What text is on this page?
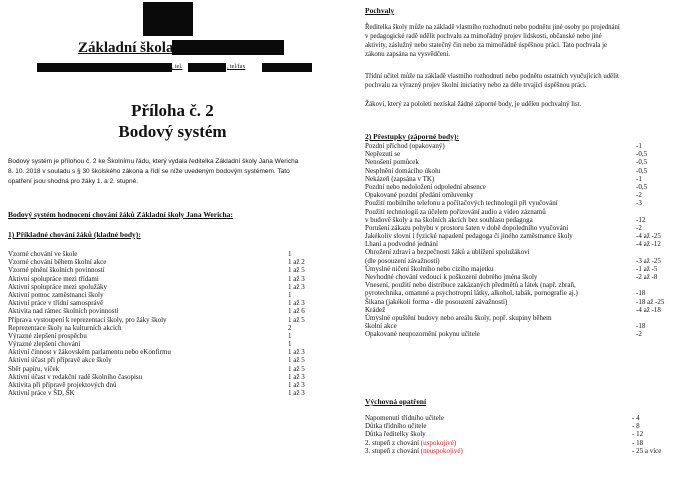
Základní škola
, tel.	, tel/fax
Příloha č. 2
Bodový systém
Bodový systém je přílohou č. 2 ke Školnímu řádu, který vydala ředitelka Základní školy Jana Wericha
8. 10. 2018 v souladu s § 30 školského zákona a řídí se níže uvedeným bodovým systémem. Tato
opatření jsou shodná pro žáky 1. a 2. stupně.
Bodový systém hodnocení chování žáků Základní školy Jana Wericha:
1) Příkladné chování žáků (kladné body):
Vzorné chování ve škole
Vzorné chování během školní akce
Vzorné plnění školních povinností
Aktivní spolupráce mezi třídami
Aktivní spolupráce mezi spolužáky
Aktivní pomoc zaměstnanci školy
Aktivní práce v třídní samosprávě
Aktivita nad rámec školních povinností
Příprava vystoupení k reprezentaci školy, pro žáky školy
Reprezentace školy na kulturních akcích
Výrazné zlepšení prospěchu
Výrazné zlepšení chování
Aktivní činnost v žákovském parlamentu nebo eKonfirmu
Aktivní účast při přípravě akce školy
Sběr papíru, víček
Aktivní účast v redakční radě školního časopisu
Aktivita při přípravě projektových dnů
Aktivní práce v ŠD, ŠK
1
1 až 2
1 až 5
1 až 3
1 až 3
1
1 až 3
1 až 6
1 až 5
2
1
1
1 až 3
1 až 5
1 až 5
1 až 3
1 až 3
1 až 3
Pochvaly
Ředitelka školy může na základě vlastního rozhodnutí nebo podnětu jiné osoby po projednání
v pedagogické radě udělit pochvalu za mimořádný projev lidskosti, občanské nebo jiné
aktivity, záslužný nebo statečný čin nebo za mimořádně úspěšnou práci. Tato pochvala je
zákonu zapsána na vysvědčení.
Třídní učitel může na základě vlastního rozhodnutí nebo podnětu ostatních vyučujících udělit
pochvalu za výrazný projev školní iniciativy nebo za déle trvající úspěšnou práci.
Žákovi, který za pololetí nezískal žádné záporné body, je udělen pochvalný list.
2) Přestupky (záporné body):
Pozdní příchod (opakovaný)
Nepřezutí se
Nenošení pomůcek
Nesplnění domácího úkolu
Nekázeň (zapsána v TK)
Pozdní nebo nedoložení odpolední absence
Opakované pozdní předání omluvenky
Použití mobilního telefonu a počítačových technologií při vyučování
Použití technologií za účelem pořizování audio a video záznamů
v budově školy a na školních akcích bez souhlasu pedagoga
Porušení zákazu pohybu v prostoru šaten v době dopoledního vyučování
Jakékoliv slovní i fyzické napadení pedagoga či jiného zaměstnance školy
Lhaní a podvodné jednání
Ohrožení zdraví a bezpečnosti žáků a ublížení spolužákovi
(dle posouzení závažnosti)
Úmyslné ničení školního nebo cizího majetku
Nevhodné chování vedoucí k poškození dobrého jména školy
Vnesení, použití nebo distribuce zakázaných předmětů a látek (např. zbraň,
pyrotechnika, omamné a psychotropní látky, alkohol, tabák, pornografie aj.)
Šikana (jakékoli forma - dle posouzení závažnosti)
Krádež
Úmyslné opuštění budovy nebo areálu školy, popř. skupiny během
školní akce
Opakované neupozornění pokynu učitele
-1
-0,5
-0,5
-0,5
-1
-0,5
-2
-3
-12
-2
-4 až -25
-4 až -12
-3 až -25
-1 až -5
-2 až -8
-18
-18 až -25
-4 až -18
-18
-2
Výchovná opatření
Napomenutí třídního učitele
Důtka třídního učitele
Důtka ředitelky školy
2. stupeň z chování (uspokojivé)
3. stupeň z chování (neuspokojivé)
- 4
- 8
- 12
- 18
- 25 a více
